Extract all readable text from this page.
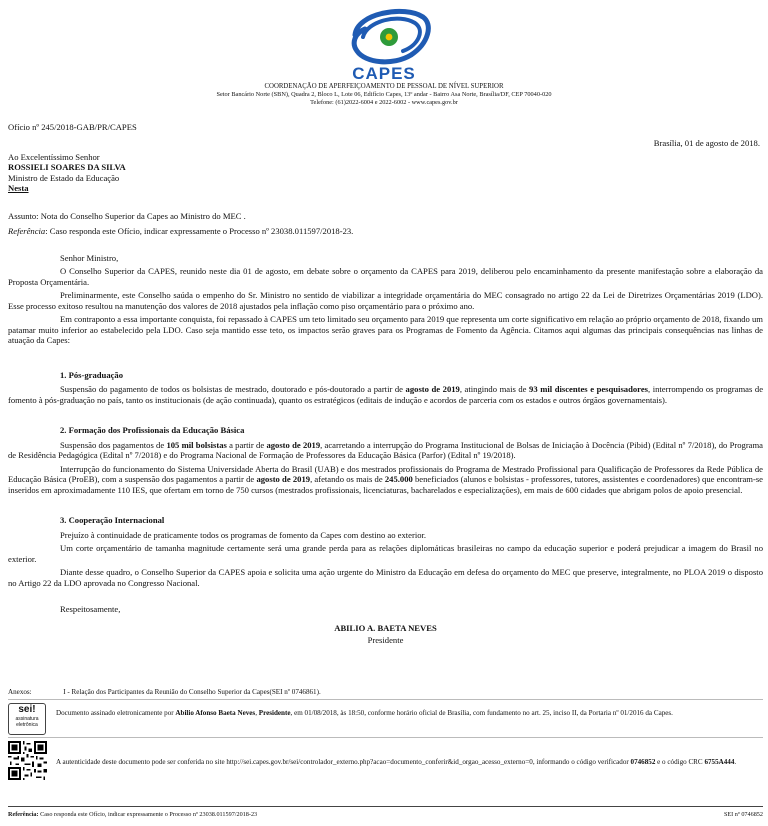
CAPES
COORDENAÇÃO DE APERFEIÇOAMENTO DE PESSOAL DE NÍVEL SUPERIOR
Setor Bancário Norte (SBN), Quadra 2, Bloco L, Lote 06, Edifício Capes, 13º andar - Bairro Asa Norte, Brasília/DF, CEP 70040-020
Telefone: (61)2022-6004 e 2022-6002 - www.capes.gov.br
Ofício nº 245/2018-GAB/PR/CAPES
Brasília, 01 de agosto de 2018.
Ao Excelentíssimo Senhor
ROSSIELI SOARES DA SILVA
Ministro de Estado da Educação
Nesta
Assunto: Nota do Conselho Superior da Capes ao Ministro do MEC .
Referência: Caso responda este Ofício, indicar expressamente o Processo nº 23038.011597/2018-23.

Senhor Ministro,

O Conselho Superior da CAPES, reunido neste dia 01 de agosto, em debate sobre o orçamento da CAPES para 2019, deliberou pelo encaminhamento da presente manifestação sobre a elaboração da Proposta Orçamentária.

Preliminarmente, este Conselho saúda o empenho do Sr. Ministro no sentido de viabilizar a integridade orçamentária do MEC consagrado no artigo 22 da Lei de Diretrizes Orçamentárias 2019 (LDO). Esse processo exitoso resultou na manutenção dos valores de 2018 ajustados pela inflação como piso orçamentário para o próximo ano.

Em contraponto a essa importante conquista, foi repassado à CAPES um teto limitado seu orçamento para 2019 que representa um corte significativo em relação ao próprio orçamento de 2018, fixando um patamar muito inferior ao estabelecido pela LDO. Caso seja mantido esse teto, os impactos serão graves para os Programas de Fomento da Agência. Citamos aqui algumas das principais consequências nas linhas de atuação da Capes:

1. Pós-graduação

Suspensão do pagamento de todos os bolsistas de mestrado, doutorado e pós-doutorado a partir de agosto de 2019, atingindo mais de 93 mil discentes e pesquisadores, interrompendo os programas de fomento à pós-graduação no país, tanto os institucionais (de ação continuada), quanto os estratégicos (editais de indução e acordos de parceria com os estados e outros órgãos governamentais).

2. Formação dos Profissionais da Educação Básica

Suspensão dos pagamentos de 105 mil bolsistas a partir de agosto de 2019, acarretando a interrupção do Programa Institucional de Bolsas de Iniciação à Docência (Pibid) (Edital nº 7/2018), do Programa de Residência Pedagógica (Edital nº 7/2018) e do Programa Nacional de Formação de Professores da Educação Básica (Parfor) (Edital nº 19/2018).

Interrupção do funcionamento do Sistema Universidade Aberta do Brasil (UAB) e dos mestrados profissionais do Programa de Mestrado Profissional para Qualificação de Professores da Rede Pública de Educação Básica (ProEB), com a suspensão dos pagamentos a partir de agosto de 2019, afetando os mais de 245.000 beneficiados (alunos e bolsistas - professores, tutores, assistentes e coordenadores) que encontram-se inseridos em aproximadamente 110 IES, que ofertam em torno de 750 cursos (mestrados profissionais, licenciaturas, bacharelados e especializações), em mais de 600 cidades que abrigam polos de apoio presencial.

3. Cooperação Internacional

Prejuízo à continuidade de praticamente todos os programas de fomento da Capes com destino ao exterior.

Um corte orçamentário de tamanha magnitude certamente será uma grande perda para as relações diplomáticas brasileiras no campo da educação superior e poderá prejudicar a imagem do Brasil no exterior.

Diante desse quadro, o Conselho Superior da CAPES apoia e solicita uma ação urgente do Ministro da Educação em defesa do orçamento do MEC que preserve, integralmente, no PLOA 2019 o disposto no Artigo 22 da LDO aprovada no Congresso Nacional.

Respeitosamente,

ABILIO A. BAETA NEVES
Presidente
Anexos:	I - Relação dos Participantes da Reunião do Conselho Superior da Capes(SEI nº 0746861).
sei!
assinatura
eletrônica
Documento assinado eletronicamente por Abilio Afonso Baeta Neves, Presidente, em 01/08/2018, às 18:50, conforme horário oficial de Brasília, com fundamento no art. 25, inciso II, da Portaria nº 01/2016 da Capes.
A autenticidade deste documento pode ser conferida no site http://sei.capes.gov.br/sei/controlador_externo.php?acao=documento_conferir&id_orgao_acesso_externo=0, informando o código verificador 0746852 e o código CRC 6755A444.
Referência: Caso responda este Ofício, indicar expressamente o Processo nº 23038.011597/2018-23	SEI nº 0746852
